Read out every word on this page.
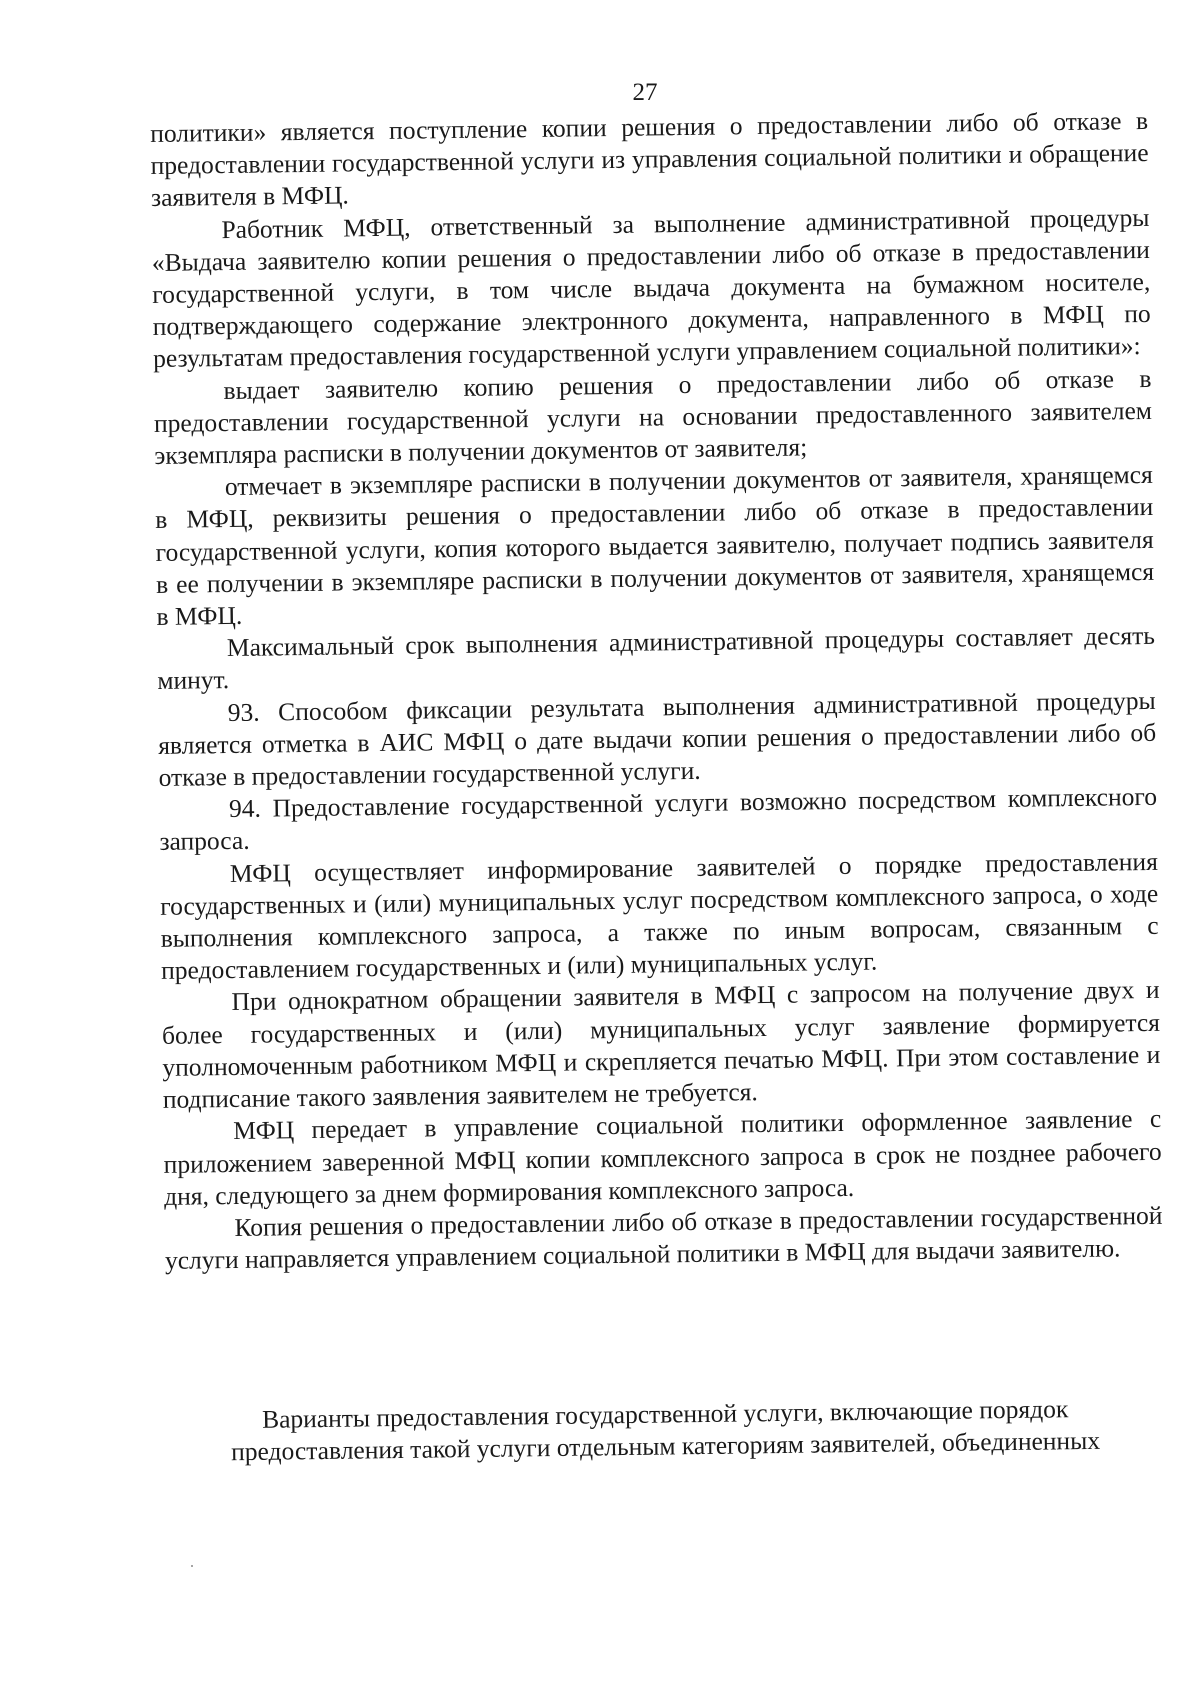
27

политики» является поступление копии решения о предоставлении либо об отказе в предоставлении государственной услуги из управления социальной политики и обращение заявителя в МФЦ.

Работник МФЦ, ответственный за выполнение административной процедуры «Выдача заявителю копии решения о предоставлении либо об отказе в предоставлении государственной услуги, в том числе выдача документа на бумажном носителе, подтверждающего содержание электронного документа, направленного в МФЦ по результатам предоставления государственной услуги управлением социальной политики»:

выдает заявителю копию решения о предоставлении либо об отказе в предоставлении государственной услуги на основании предоставленного заявителем экземпляра расписки в получении документов от заявителя;

отмечает в экземпляре расписки в получении документов от заявителя, хранящемся в МФЦ, реквизиты решения о предоставлении либо об отказе в предоставлении государственной услуги, копия которого выдается заявителю, получает подпись заявителя в ее получении в экземпляре расписки в получении документов от заявителя, хранящемся в МФЦ.

Максимальный срок выполнения административной процедуры составляет десять минут.

93. Способом фиксации результата выполнения административной процедуры является отметка в АИС МФЦ о дате выдачи копии решения о предоставлении либо об отказе в предоставлении государственной услуги.

94. Предоставление государственной услуги возможно посредством комплексного запроса.

МФЦ осуществляет информирование заявителей о порядке предоставления государственных и (или) муниципальных услуг посредством комплексного запроса, о ходе выполнения комплексного запроса, а также по иным вопросам, связанным с предоставлением государственных и (или) муниципальных услуг.

При однократном обращении заявителя в МФЦ с запросом на получение двух и более государственных и (или) муниципальных услуг заявление формируется уполномоченным работником МФЦ и скрепляется печатью МФЦ. При этом составление и подписание такого заявления заявителем не требуется.

МФЦ передает в управление социальной политики оформленное заявление с приложением заверенной МФЦ копии комплексного запроса в срок не позднее рабочего дня, следующего за днем формирования комплексного запроса.

Копия решения о предоставлении либо об отказе в предоставлении государственной услуги направляется управлением социальной политики в МФЦ для выдачи заявителю.

Варианты предоставления государственной услуги, включающие порядок
предоставления такой услуги отдельным категориям заявителей, объединенных
